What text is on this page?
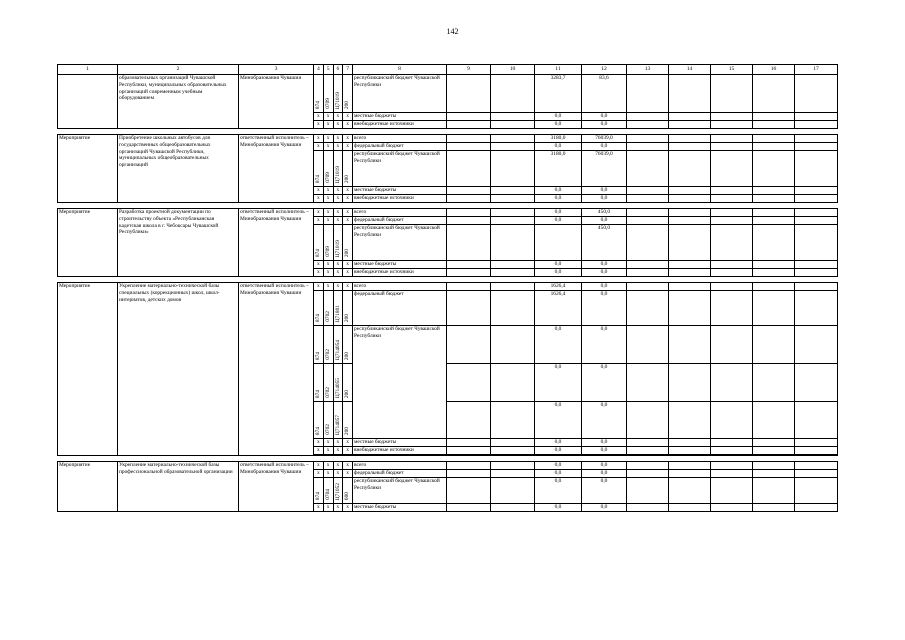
142
1	2	3	4	5	6	7	8	9	10	11	12	13	14	15	16	17
	образовательных организаций Чувашской Республики, муниципальных образовательных организаций современным учебным оборудованием	Минобразования Чувашии	874	0709	Ц71019	200	республиканский бюджет Чувашской Республики			3283,7	83,6					
			x	x	x	x	местные бюджеты			0,0	0,0					
			x	x	x	x	внебюджетные источники			0,0	0,0					

Мероприятие	Приобретение школьных автобусов для государственных общеобразовательных организаций Чувашской Республики, муниципальных общеобразовательных организаций	ответственный исполнитель – Минобразования Чувашии	x	x	x	x	всего			3180,0	76039,0					
			x	x	x	x	федеральный бюджет			0,0	0,0					
			874	0709	Ц71019	200	республиканский бюджет Чувашской Республики			3180,0	76039,0					
			x	x	x	x	местные бюджеты			0,0	0,0					
			x	x	x	x	внебюджетные источники			0,0	0,0					

Мероприятие	Разработка проектной документации по строительству объекта «Республиканская кадетская школа в г. Чебоксары Чувашской Республики»	ответственный исполнитель – Минобразования Чувашии	x	x	x	x	всего			0,0	450,0					
			x	x	x	x	федеральный бюджет			0,0	0,0					
			874	0709	Ц71019	200	республиканский бюджет Чувашской Республики				450,0					
			x	x	x	x	местные бюджеты			0,0	0,0					
			x	x	x	x	внебюджетные источники			0,0	0,0					

Мероприятие	Укрепление материально-технической базы специальных (коррекционных) школ, школ-интернатов, детских домов	ответственный исполнитель – Минобразования Чувашии	x	x	x	x	всего			1626,4	0,0					
			874	0702	Ц71801	200	федеральный бюджет			1626,4	0,0					
			874	0702	Ц714054	200	республиканский бюджет Чувашской Республики			0,0	0,0					
			874	0702	Ц714055	200				0,0	0,0					
			874	0702	Ц714057	200				0,0	0,0					
			x	x	x	x	местные бюджеты			0,0	0,0					
			x	x	x	x	внебюджетные источники			0,0	0,0					

Мероприятие	Укрепление материально-технической базы профессиональной образовательной организации	ответственный исполнитель – Минобразования Чувашии	x	x	x	x	всего			0,0	0,0					
			x	x	x	x	федеральный бюджет			0,0	0,0					
			874	0704	Ц71052	600	республиканский бюджет Чувашской Республики			0,0	0,0					
			x	x	x	x	местные бюджеты			0,0	0,0					
